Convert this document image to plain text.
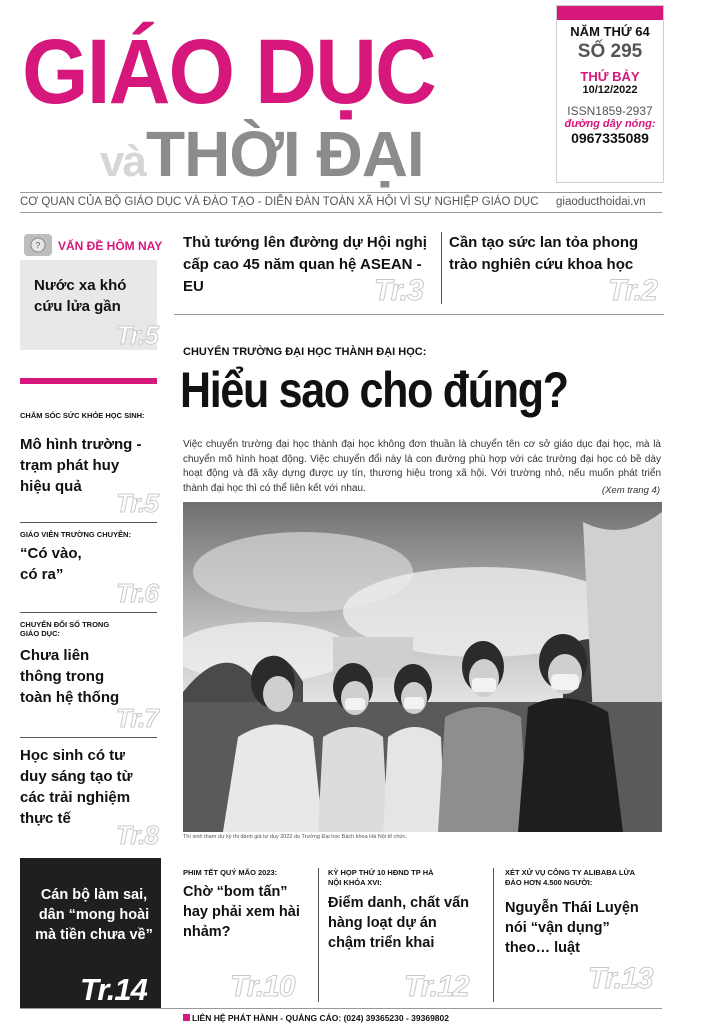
GIÁO DỤC
và THỜI ĐẠI
NĂM THỨ 64
SỐ 295
THỨ BẢY
10/12/2022
ISSN1859-2937
đường dây nóng:
0967335089
CƠ QUAN CỦA BỘ GIÁO DỤC VÀ ĐÀO TẠO - DIỄN ĐÀN TOÀN XÃ HỘI VÌ SỰ NGHIỆP GIÁO DỤC giaoducthoidai.vn
? VẤN ĐỀ HÔM NAY
Nước xa khó cứu lửa gần
Tr.5
CHĂM SÓC SỨC KHỎE HỌC SINH:
Mô hình trường - trạm phát huy hiệu quả
Tr.5
GIÁO VIÊN TRƯỜNG CHUYÊN:
“Có vào, có ra”
Tr.6
CHUYỂN ĐỔI SỐ TRONG GIÁO DỤC:
Chưa liên thông trong toàn hệ thống
Tr.7
Học sinh có tư duy sáng tạo từ các trải nghiệm thực tế
Tr.8
Thủ tướng lên đường dự Hội nghị cấp cao 45 năm quan hệ ASEAN - EU	Tr.3
Cần tạo sức lan tỏa phong trào nghiên cứu khoa học
Tr.2
CHUYỂN TRƯỜNG ĐẠI HỌC THÀNH ĐẠI HỌC:
Hiểu sao cho đúng?
Việc chuyển trường đại học thành đại học không đơn thuần là chuyển tên cơ sở giáo dục đại học, mà là chuyển mô hình hoạt động. Việc chuyển đổi này là con đường phù hợp với các trường đại học có bề dày hoạt động và đã xây dựng được uy tín, thương hiệu trong xã hội. Với trường nhỏ, nếu muốn phát triển thành đại học thì có thể liên kết với nhau.	(Xem trang 4)
Thí sinh tham dự kỳ thi đánh giá tư duy 2022 do Trường Đại học Bách khoa Hà Nội tổ chức.
Cán bộ làm sai, dân “mong hoài mà tiền chưa về”
Tr.14
PHIM TẾT QUÝ MÃO 2023:
Chờ “bom tấn” hay phải xem hài nhảm?
Tr.10
KỲ HỌP THỨ 10 HĐND TP HÀ NỘI KHÓA XVI:
Điểm danh, chất vấn hàng loạt dự án chậm triển khai
Tr.12
XÉT XỬ VỤ CÔNG TY ALIBABA LỪA ĐẢO HƠN 4.500 NGƯỜI:
Nguyễn Thái Luyện nói “vận dụng” theo… luật
Tr.13
LIÊN HỆ PHÁT HÀNH - QUẢNG CÁO: (024) 39365230 - 39369802
